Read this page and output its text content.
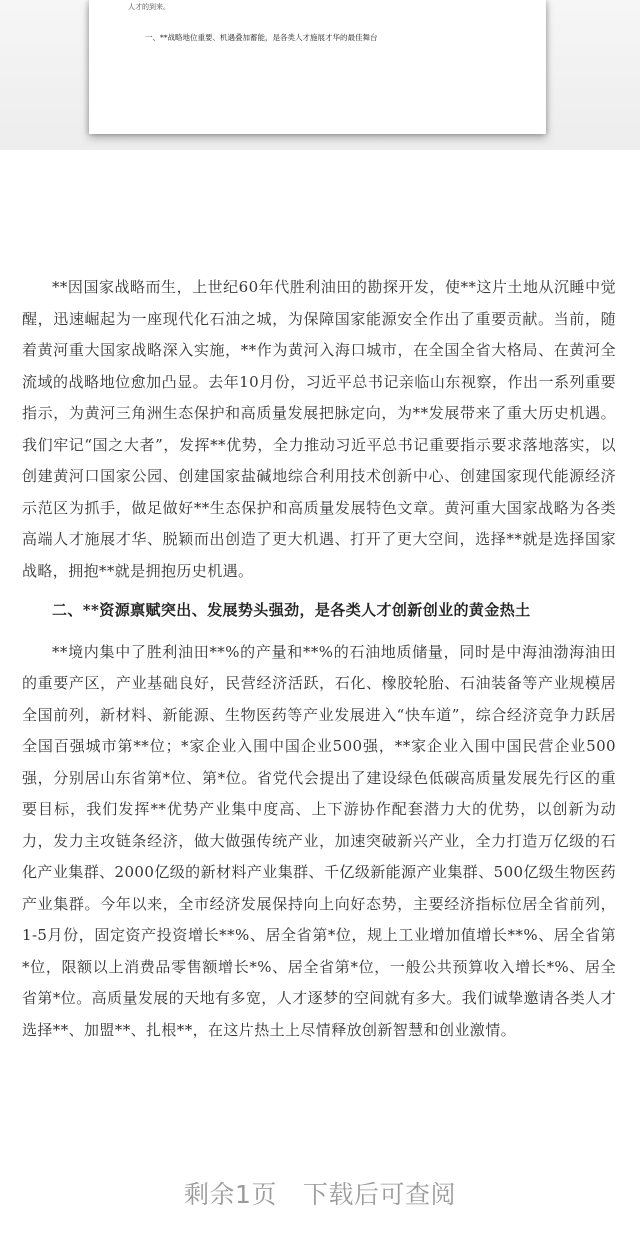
人才的到来。
一、**战略地位重要、机遇叠加蓄能，是各类人才施展才华的最佳舞台

**因国家战略而生，上世纪60年代胜利油田的勘探开发，使**这片土地从沉睡中觉醒，迅速崛起为一座现代化石油之城，为保障国家能源安全作出了重要贡献。当前，随着黄河重大国家战略深入实施，**作为黄河入海口城市，在全国全省大格局、在黄河全流域的战略地位愈加凸显。去年10月份，习近平总书记亲临山东视察，作出一系列重要指示，为黄河三角洲生态保护和高质量发展把脉定向，为**发展带来了重大历史机遇。我们牢记“国之大者”，发挥**优势，全力推动习近平总书记重要指示要求落地落实，以创建黄河口国家公园、创建国家盐碱地综合利用技术创新中心、创建国家现代能源经济示范区为抓手，做足做好**生态保护和高质量发展特色文章。黄河重大国家战略为各类高端人才施展才华、脱颖而出创造了更大机遇、打开了更大空间，选择**就是选择国家战略，拥抱**就是拥抱历史机遇。

二、**资源禀赋突出、发展势头强劲，是各类人才创新创业的黄金热土

**境内集中了胜利油田**%的产量和**%的石油地质储量，同时是中海油渤海油田的重要产区，产业基础良好，民营经济活跃，石化、橡胶轮胎、石油装备等产业规模居全国前列，新材料、新能源、生物医药等产业发展进入“快车道”，综合经济竞争力跃居全国百强城市第**位；*家企业入围中国企业500强，**家企业入围中国民营企业500强，分别居山东省第*位、第*位。省党代会提出了建设绿色低碳高质量发展先行区的重要目标，我们发挥**优势产业集中度高、上下游协作配套潜力大的优势，以创新为动力，发力主攻链条经济，做大做强传统产业，加速突破新兴产业，全力打造万亿级的石化产业集群、2000亿级的新材料产业集群、千亿级新能源产业集群、500亿级生物医药产业集群。今年以来，全市经济发展保持向上向好态势，主要经济指标位居全省前列，1-5月份，固定资产投资增长**%、居全省第*位，规上工业增加值增长**%、居全省第*位，限额以上消费品零售额增长*%、居全省第*位，一般公共预算收入增长*%、居全省第*位。高质量发展的天地有多宽，人才逐梦的空间就有多大。我们诚挚邀请各类人才选择**、加盟**、扎根**，在这片热土上尽情释放创新智慧和创业激情。

剩余1页 下载后可查阅
